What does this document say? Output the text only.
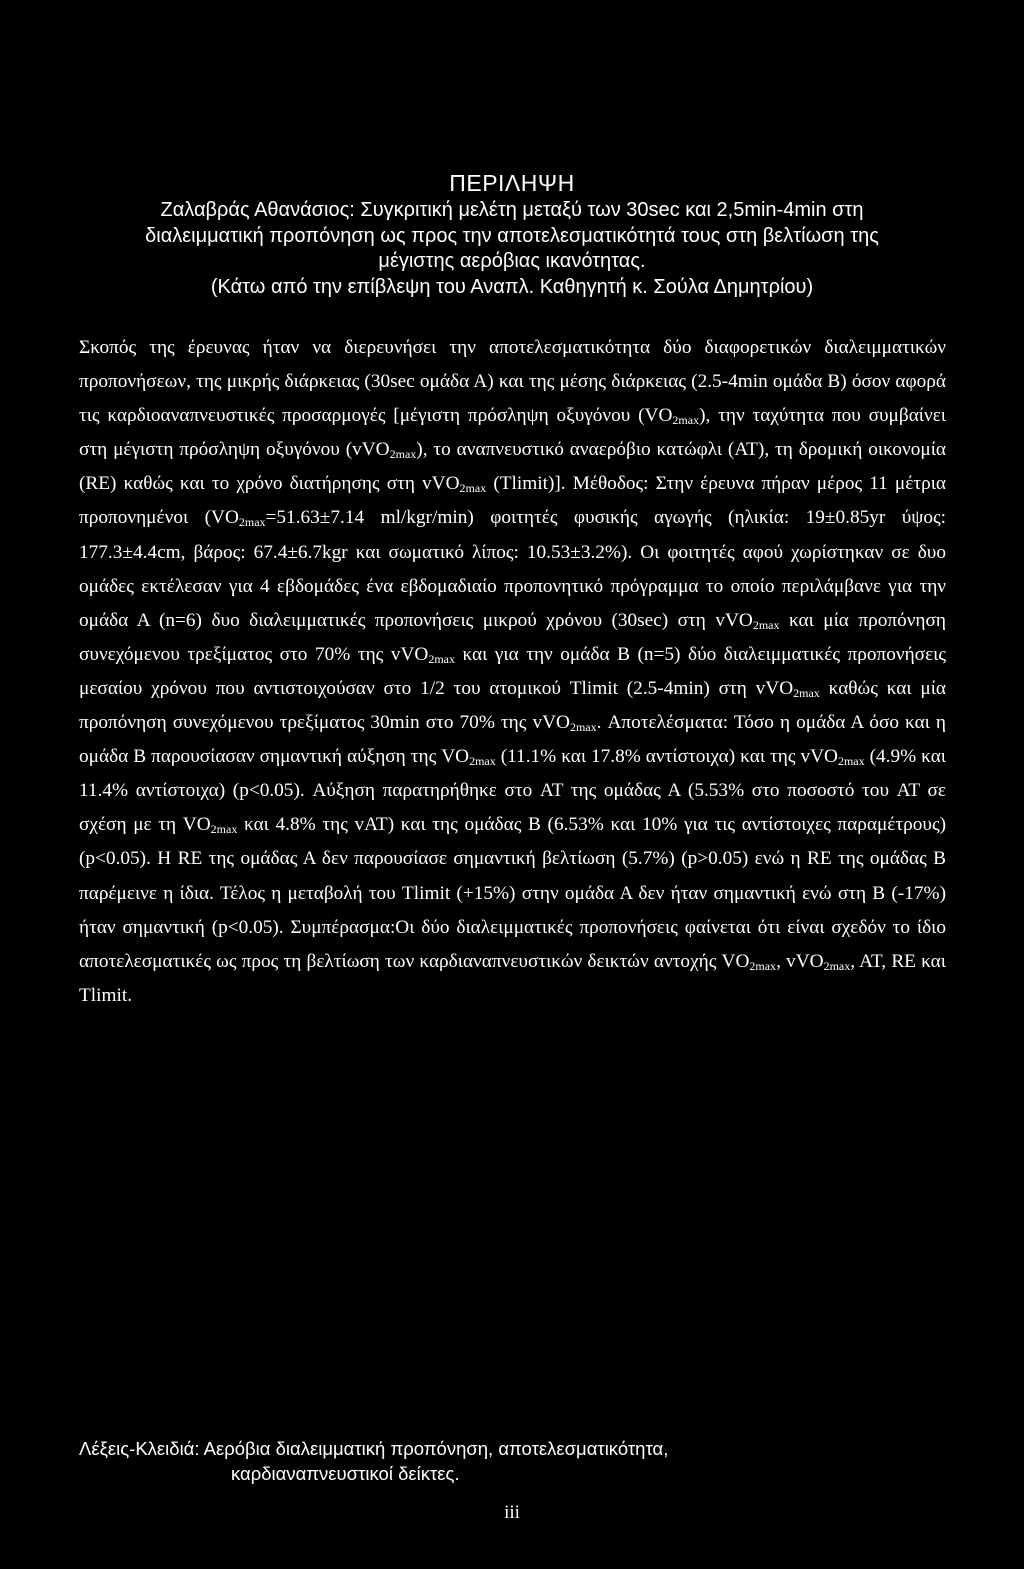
ΠΕΡΙΛΗΨΗ
Ζαλαβράς Αθανάσιος: Συγκριτική μελέτη μεταξύ των 30sec και 2,5min-4min στη
διαλειμματική προπόνηση ως προς την αποτελεσματικότητά τους στη βελτίωση της
μέγιστης αερόβιας ικανότητας.
(Κάτω από την επίβλεψη του Αναπλ. Καθηγητή κ. Σούλα Δημητρίου)

Σκοπός της έρευνας ήταν να διερευνήσει την αποτελεσματικότητα δύο διαφορετικών διαλειμματικών προπονήσεων, της μικρής διάρκειας (30sec ομάδα Α) και της μέσης διάρκειας (2.5-4min ομάδα Β) όσον αφορά τις καρδιοαναπνευστικές προσαρμογές [μέγιστη πρόσληψη οξυγόνου $(VO_{2max})$, την ταχύτητα που συμβαίνει στη μέγιστη πρόσληψη οξυγόνου (vVO$_{2max}$), το αναπνευστικό αναερόβιο κατώφλι (AT), τη δρομική οικονομία (RE) καθώς και το χρόνο διατήρησης στη vVO$_{2max}$ (Tlimit)]. Μέθοδος: Στην έρευνα πήραν μέρος 11 μέτρια προπονημένοι ($VO_{2max}=51.63\pm 7.14$ ml/kgr/min) φοιτητές φυσικής αγωγής (ηλικία: 19±0.85yr ύψος: 177.3±4.4cm, βάρος: 67.4±6.7kgr και σωματικό λίπος: 10.53±3.2%). Οι φοιτητές αφού χωρίστηκαν σε δυο ομάδες εκτέλεσαν για 4 εβδομάδες ένα εβδομαδιαίο προπονητικό πρόγραμμα το οποίο περιλάμβανε για την ομάδα Α (n=6) δυο διαλειμματικές προπονήσεις μικρού χρόνου (30sec) στη vVO$_{2max}$ και μία προπόνηση συνεχόμενου τρεξίματος στο 70% της vVO$_{2max}$ και για την ομάδα Β (n=5) δύο διαλειμματικές προπονήσεις μεσαίου χρόνου που αντιστοιχούσαν στο 1/2 του ατομικού Tlimit (2.5-4min) στη vVO$_{2max}$ καθώς και μία προπόνηση συνεχόμενου τρεξίματος 30min στο 70% της vVO$_{2max}$. Αποτελέσματα: Τόσο η ομάδα Α όσο και η ομάδα Β παρουσίασαν σημαντική αύξηση της $VO_{2max}$ (11.1% και 17.8% αντίστοιχα) και της vVO$_{2max}$ (4.9% και 11.4% αντίστοιχα) (p<0.05). Αύξηση παρατηρήθηκε στο AT της ομάδας Α (5.53% στο ποσοστό του AT σε σχέση με τη $VO_{2max}$ και 4.8% της vAT) και της ομάδας Β (6.53% και 10% για τις αντίστοιχες παραμέτρους) (p<0.05). Η RE της ομάδας Α δεν παρουσίασε σημαντική βελτίωση (5.7%) (p>0.05) ενώ η RE της ομάδας Β παρέμεινε η ίδια. Τέλος η μεταβολή του Tlimit (+15%) στην ομάδα Α δεν ήταν σημαντική ενώ στη Β (-17%) ήταν σημαντική (p<0.05). Συμπέρασμα:Οι δύο διαλειμματικές προπονήσεις φαίνεται ότι είναι σχεδόν το ίδιο αποτελεσματικές ως προς τη βελτίωση των καρδιαναπνευστικών δεικτών αντοχής $VO_{2max}$, vVO$_{2max}$, AT, RE και Tlimit.

Λέξεις-Κλειδιά: Αερόβια διαλειμματική προπόνηση, αποτελεσματικότητα,
καρδιαναπνευστικοί δείκτες.
iii
